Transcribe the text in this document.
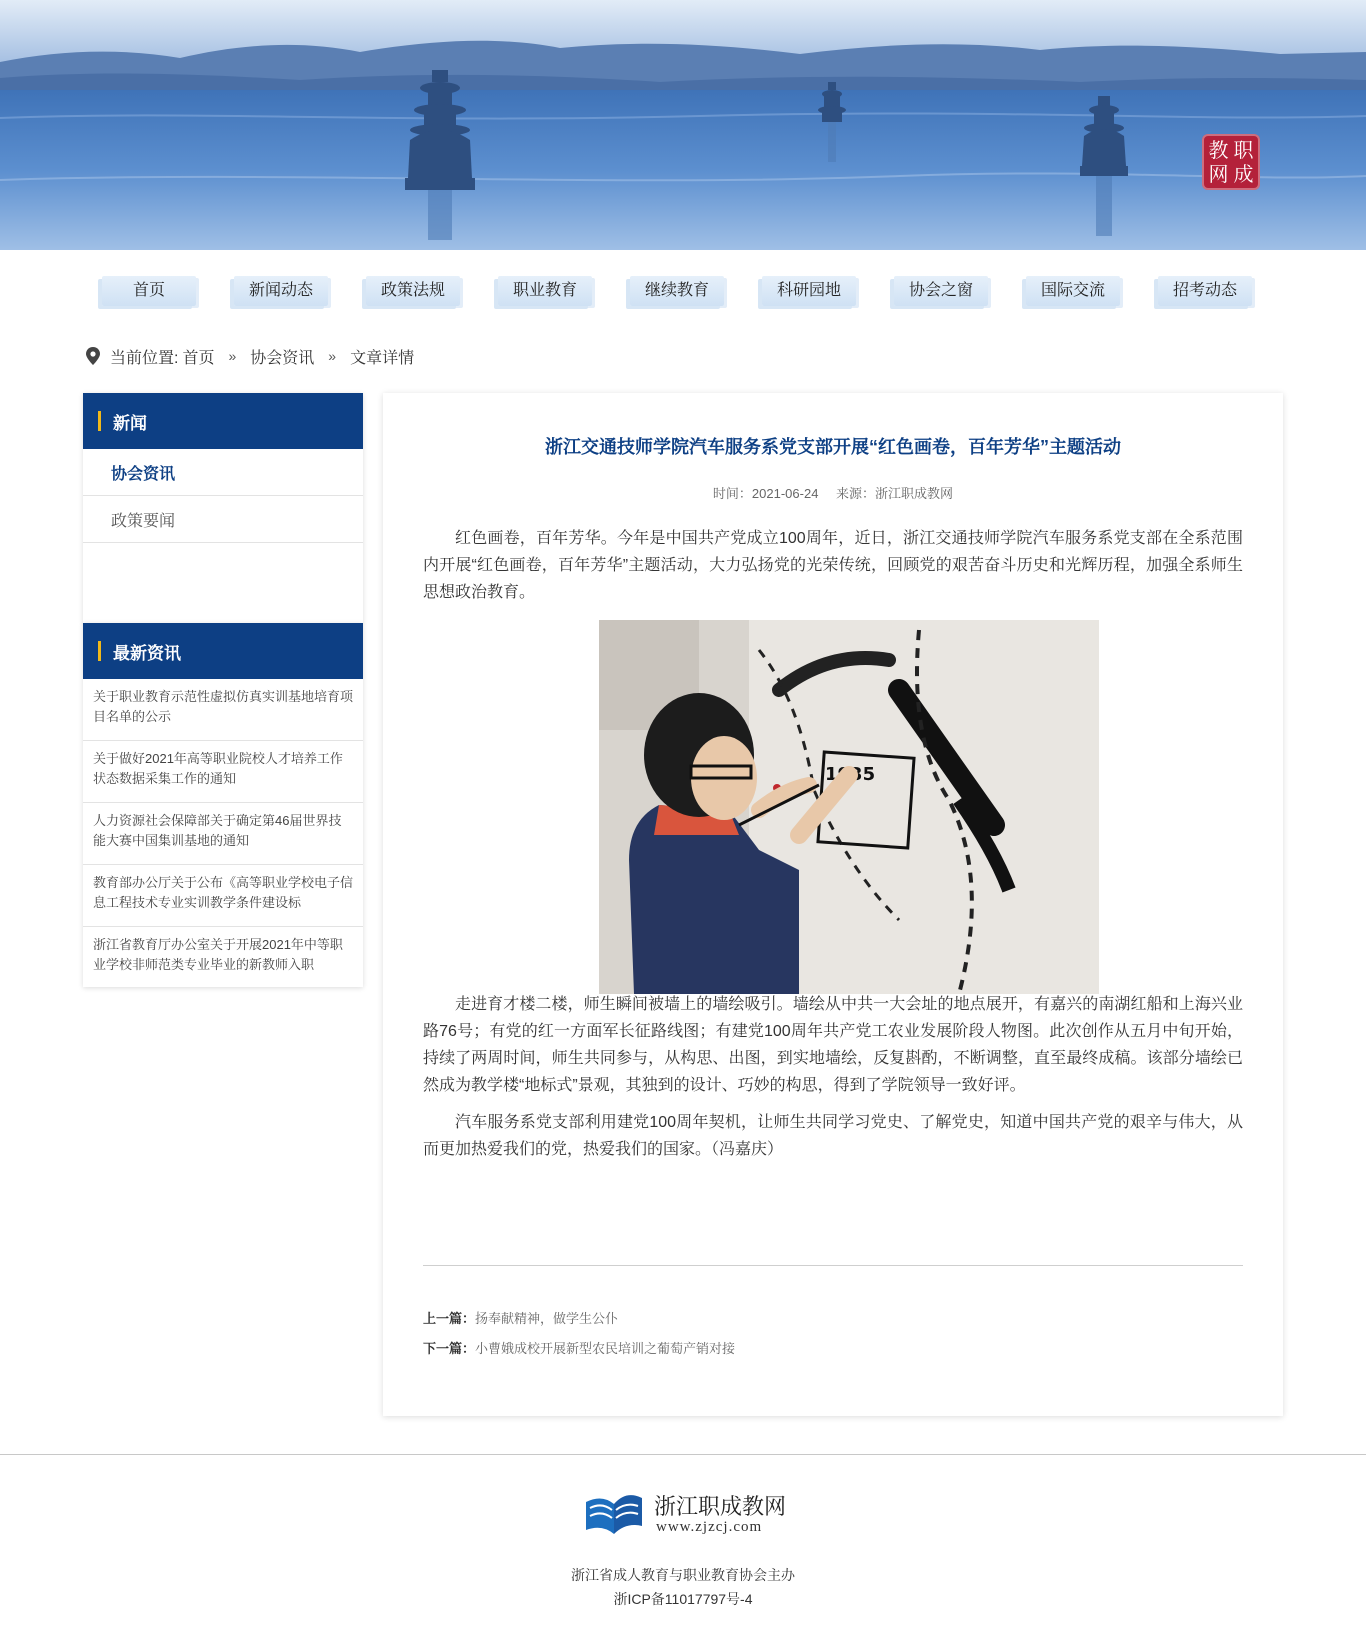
教 职
网 成
首页	新闻动态	政策法规	职业教育	继续教育	科研园地	协会之窗	国际交流	招考动态
当前位置: 首页 » 协会资讯 » 文章详情
新闻
协会资讯
政策要闻
最新资讯
关于职业教育示范性虚拟仿真实训基地培育项目名单的公示
关于做好2021年高等职业院校人才培养工作状态数据采集工作的通知
人力资源社会保障部关于确定第46届世界技能大赛中国集训基地的通知
教育部办公厅关于公布《高等职业学校电子信息工程技术专业实训教学条件建设标
浙江省教育厅办公室关于开展2021年中等职业学校非师范类专业毕业的新教师入职
浙江交通技师学院汽车服务系党支部开展“红色画卷，百年芳华”主题活动
时间：2021-06-24 来源：浙江职成教网

红色画卷，百年芳华。今年是中国共产党成立100周年，近日，浙江交通技师学院汽车服务系党支部在全系范围内开展“红色画卷，百年芳华”主题活动，大力弘扬党的光荣传统，回顾党的艰苦奋斗历史和光辉历程，加强全系师生思想政治教育。

1935

走进育才楼二楼，师生瞬间被墙上的墙绘吸引。墙绘从中共一大会址的地点展开，有嘉兴的南湖红船和上海兴业路76号；有党的红一方面军长征路线图；有建党100周年共产党工农业发展阶段人物图。此次创作从五月中旬开始，持续了两周时间，师生共同参与，从构思、出图，到实地墙绘，反复斟酌，不断调整，直至最终成稿。该部分墙绘已然成为教学楼“地标式”景观，其独到的设计、巧妙的构思，得到了学院领导一致好评。

汽车服务系党支部利用建党100周年契机，让师生共同学习党史、了解党史，知道中国共产党的艰辛与伟大，从而更加热爱我们的党，热爱我们的国家。（冯嘉庆）

上一篇：扬奉献精神，做学生公仆
下一篇：小曹娥成校开展新型农民培训之葡萄产销对接
浙江职成教网
www.zjzcj.com
浙江省成人教育与职业教育协会主办
浙ICP备11017797号-4
